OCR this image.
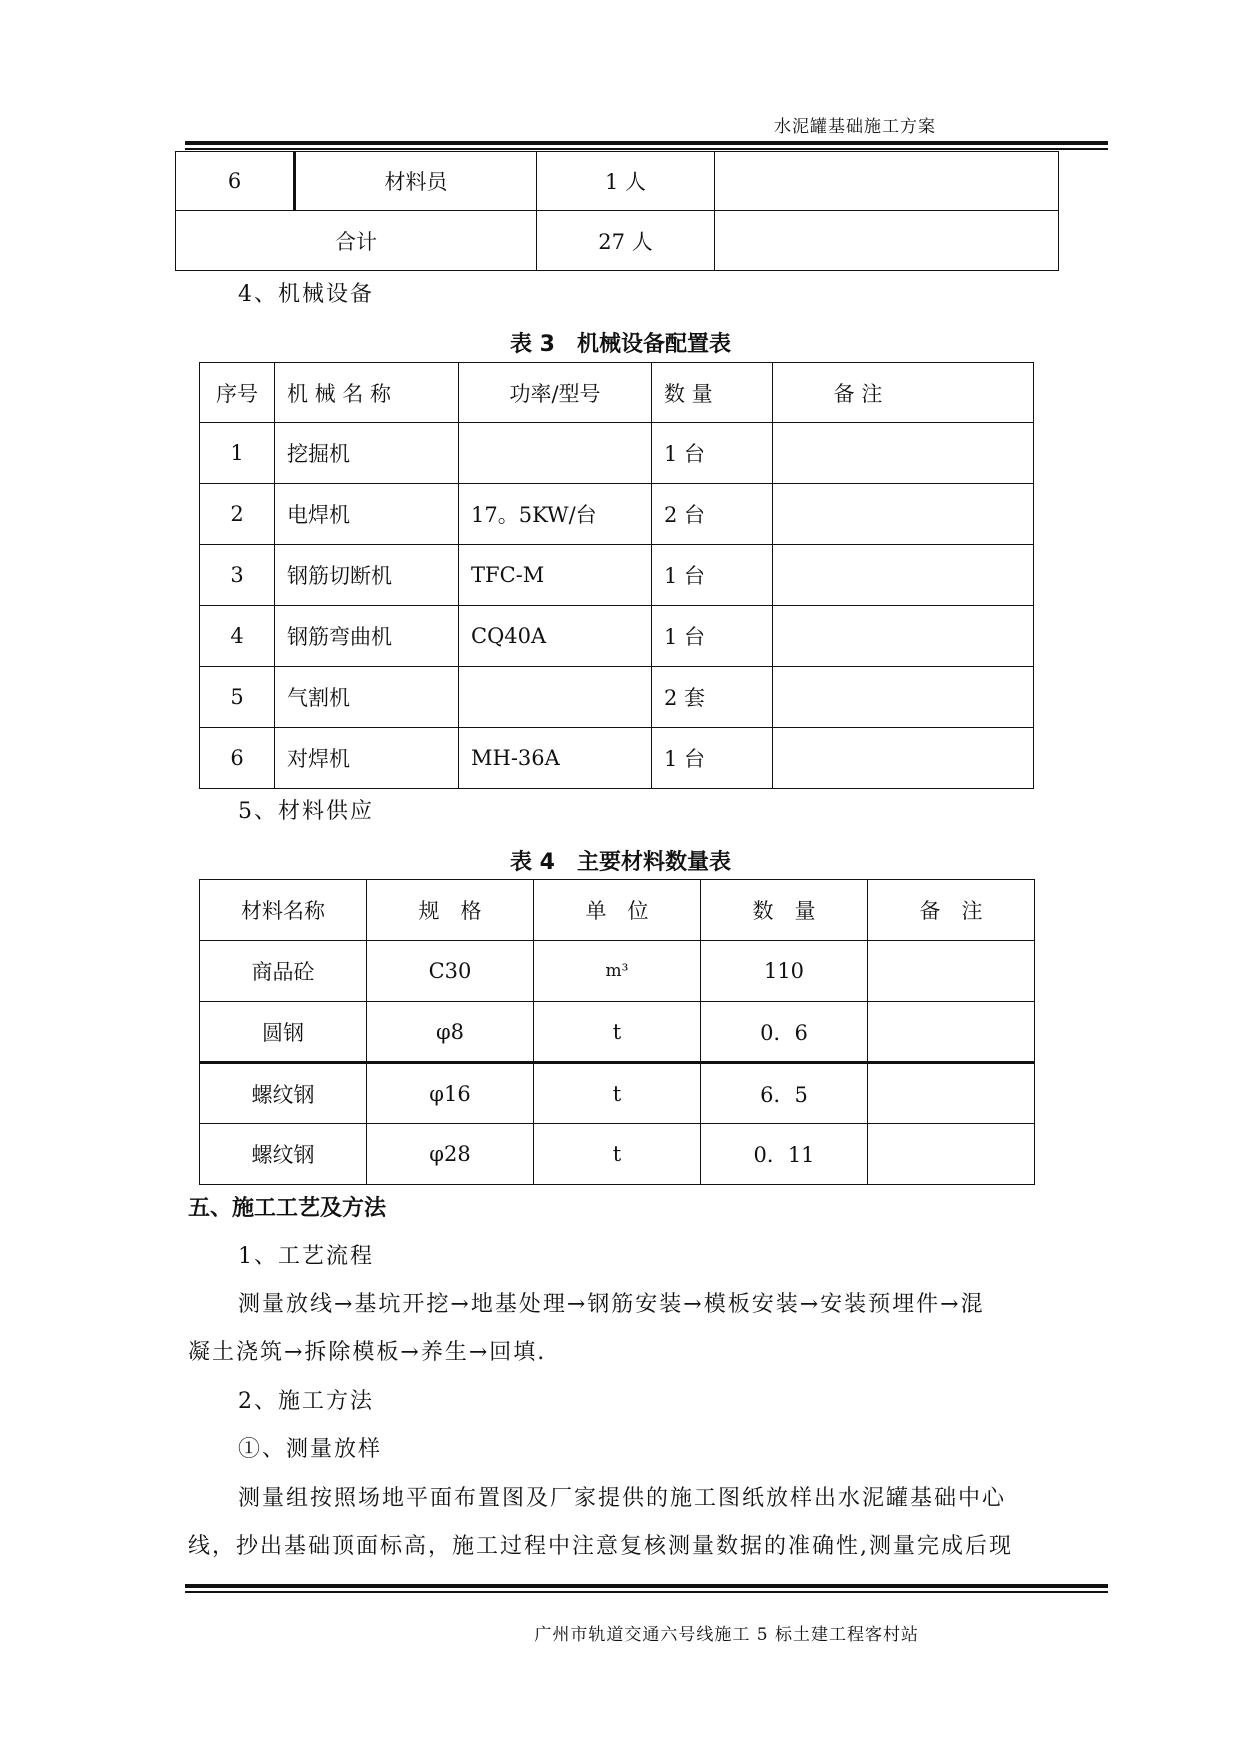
水泥罐基础施工方案
6	材料员	1 人	
合计		27 人	
4、机械设备
表 3　机械设备配置表
序号	机 械 名 称	功率/型号	数 量	备 注
1	挖掘机		1 台	
2	电焊机	17。5KW/台	2 台	
3	钢筋切断机	TFC-M	1 台	
4	钢筋弯曲机	CQ40A	1 台	
5	气割机		2 套	
6	对焊机	MH-36A	1 台	
5、材料供应
表 4　主要材料数量表
材料名称	规　格	单　位	数　量	备　注
商品砼	C30	m³	110	
圆钢	φ8	t	0．6	
螺纹钢	φ16	t	6．5	
螺纹钢	φ28	t	0．11	
五、施工工艺及方法
1、工艺流程
测量放线→基坑开挖→地基处理→钢筋安装→模板安装→安装预埋件→混
凝土浇筑→拆除模板→养生→回填.
2、施工方法
①、测量放样
测量组按照场地平面布置图及厂家提供的施工图纸放样出水泥罐基础中心
线，抄出基础顶面标高，施工过程中注意复核测量数据的准确性,测量完成后现
广州市轨道交通六号线施工 5 标土建工程客村站
